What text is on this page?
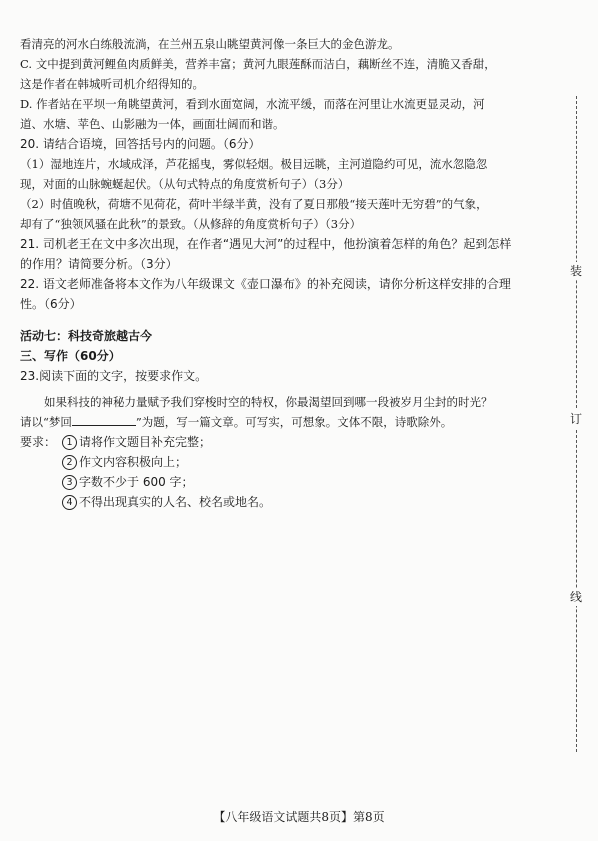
看清亮的河水白练般流淌，在兰州五泉山眺望黄河像一条巨大的金色游龙。

C. 文中提到黄河鲤鱼肉质鲜美，营养丰富；黄河九眼莲酥而洁白，藕断丝不连，清脆又香甜，

这是作者在韩城听司机介绍得知的。

D. 作者站在平坝一角眺望黄河，看到水面宽阔，水流平缓，而落在河里让水流更显灵动，河

道、水塘、苹色、山影融为一体，画面壮阔而和谐。

20. 请结合语境，回答括号内的问题。（6分）

（1）湿地连片，水域成泽，芦花摇曳，雾似轻烟。极目远眺，主河道隐约可见，流水忽隐忽

现，对面的山脉蜿蜒起伏。（从句式特点的角度赏析句子）（3分）

（2）时值晚秋，荷塘不见荷花，荷叶半绿半黄，没有了夏日那般“接天莲叶无穷碧”的气象，

却有了“独领风骚在此秋”的景致。（从修辞的角度赏析句子）（3分）

21. 司机老王在文中多次出现，在作者“遇见大河”的过程中，他扮演着怎样的角色？起到怎样

的作用？请简要分析。（3分）

22. 语文老师准备将本文作为八年级课文《壶口瀑布》的补充阅读，请你分析这样安排的合理

性。（6分）

活动七：科技奇旅越古今

三、写作（60分）

23.阅读下面的文字，按要求作文。

如果科技的神秘力量赋予我们穿梭时空的特权，你最渴望回到哪一段被岁月尘封的时光？

请以“梦回	”为题，写一篇文章。可写实，可想象。文体不限，诗歌除外。

要求：	1 请将作文题目补充完整；
2 作文内容积极向上；
3 字数不少于 600 字；
4 不得出现真实的人名、校名或地名。
装
订
线
【八年级语文试题共8页】第8页
